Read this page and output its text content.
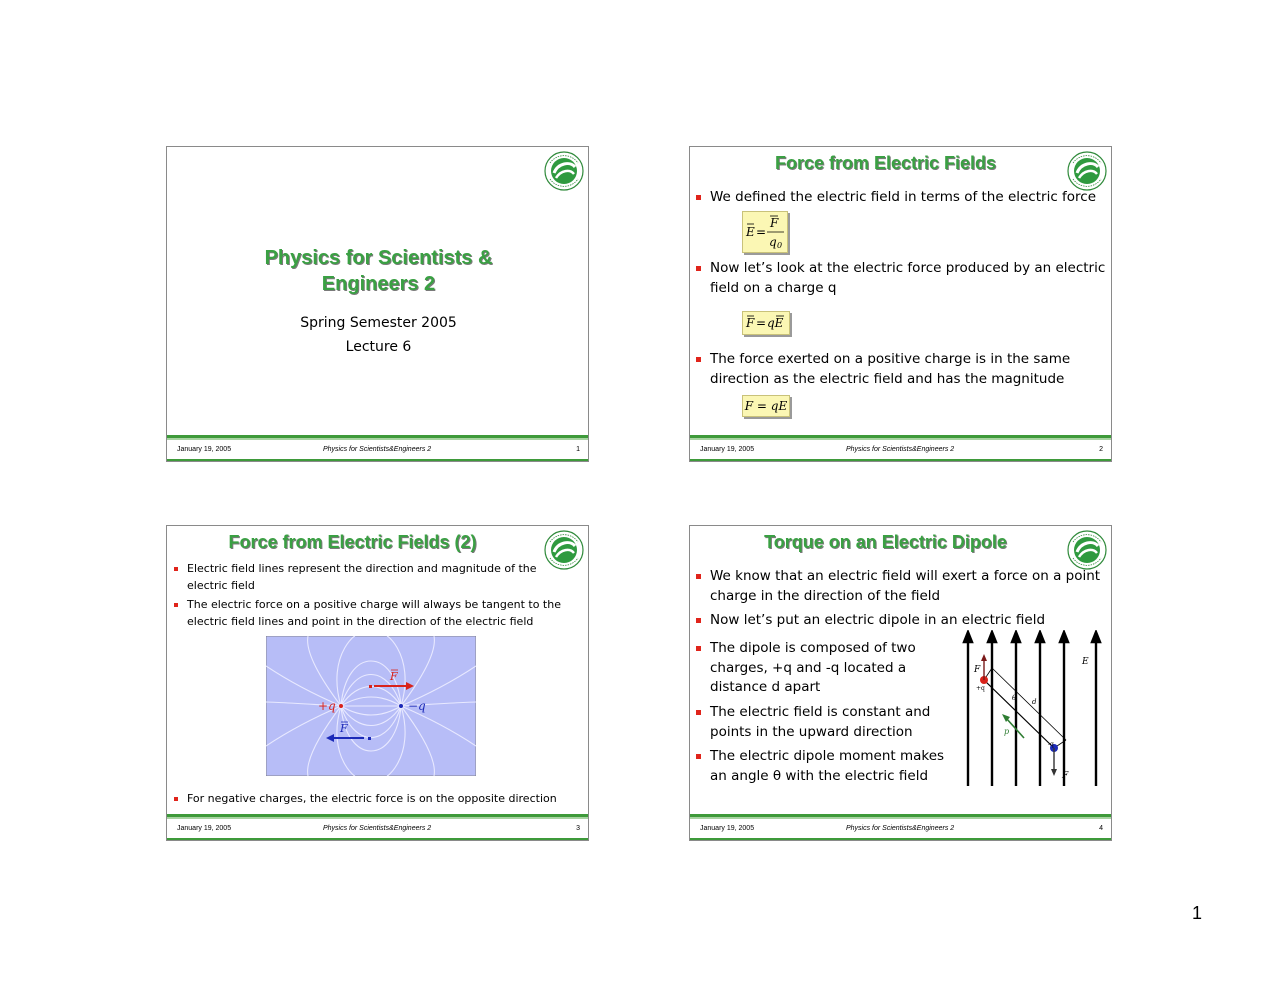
Physics for Scientists &
Engineers 2
Spring Semester 2005
Lecture 6
January 19, 2005	Physics for Scientists&Engineers 2	1
Force from Electric Fields
We defined the electric field in terms of the electric force
E =
F
q 0
Now let’s look at the electric force produced by an electric
field on a charge q
F = qE
The force exerted on a positive charge is in the same
direction as the electric field and has the magnitude
F = qE
January 19, 2005	Physics for Scientists&Engineers 2	2
Force from Electric Fields (2)
Electric field lines represent the direction and magnitude of the
electric field
The electric force on a positive charge will always be tangent to the
electric field lines and point in the direction of the electric field
+q	−q
F
F
For negative charges, the electric force is on the opposite direction
January 19, 2005	Physics for Scientists&Engineers 2	3
Torque on an Electric Dipole
We know that an electric field will exert a force on a point
charge in the direction of the field
Now let’s put an electric dipole in an electric field
The dipole is composed of two
charges, +q and -q located a
distance d apart
The electric field is constant and
points in the upward direction
The electric dipole moment makes
an angle θ with the electric field
F
E
F
p
θ d
+q
-q
January 19, 2005	Physics for Scientists&Engineers 2	4
1
